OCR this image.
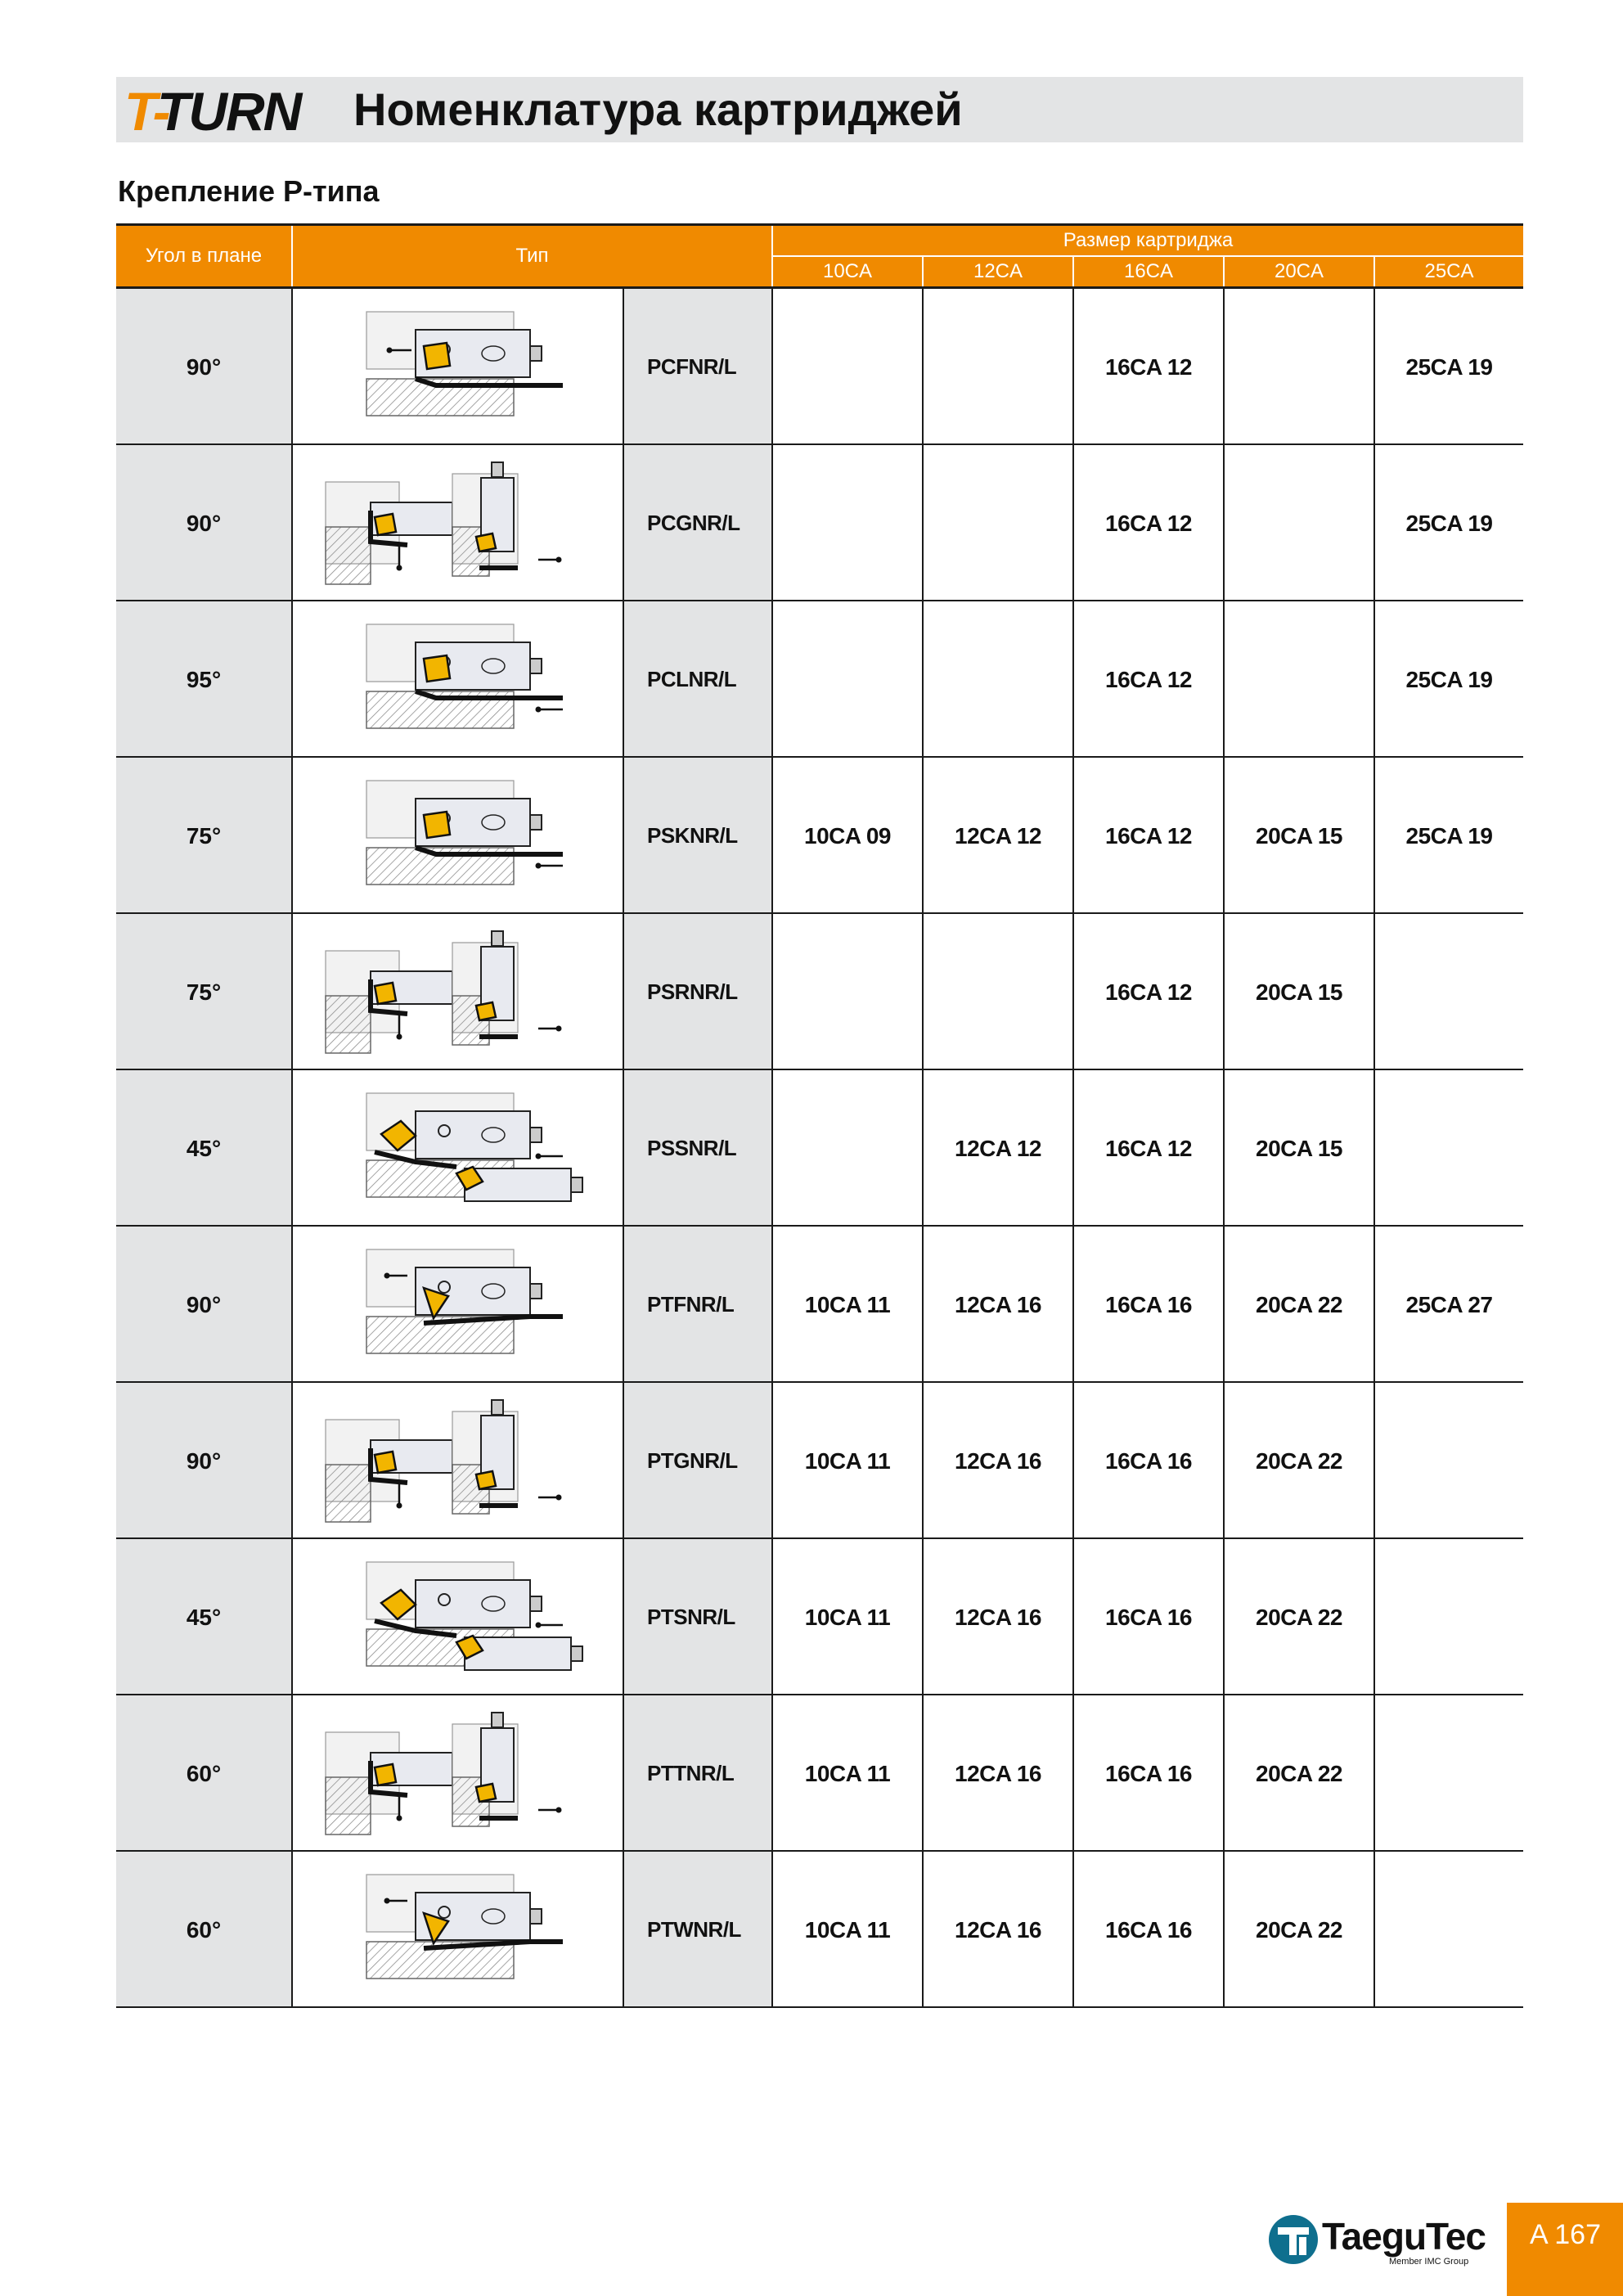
T-
TURN Номенклатура картриджей
Крепление P-типа
Угол в плане	Тип
Размер картриджа
10CA	12CA	16CA	20CA	25CA
90°	PCFNR/L	16CA 12	25CA 19
90°	PCGNR/L	16CA 12	25CA 19
95°	PCLNR/L	16CA 12	25CA 19
75°	PSKNR/L	10CA 09	12CA 12	16CA 12	20CA 15	25CA 19
75°	PSRNR/L	16CA 12	20CA 15
45°	PSSNR/L	12CA 12	16CA 12	20CA 15
90°	PTFNR/L	10CA 11	12CA 16	16CA 16	20CA 22	25CA 27
90°	PTGNR/L	10CA 11	12CA 16	16CA 16	20CA 22
45°	PTSNR/L	10CA 11	12CA 16	16CA 16	20CA 22
60°	PTTNR/L	10CA 11	12CA 16	16CA 16	20CA 22
60°	PTWNR/L	10CA 11	12CA 16	16CA 16	20CA 22
TaeguTec
Member IMC Group
A 167
